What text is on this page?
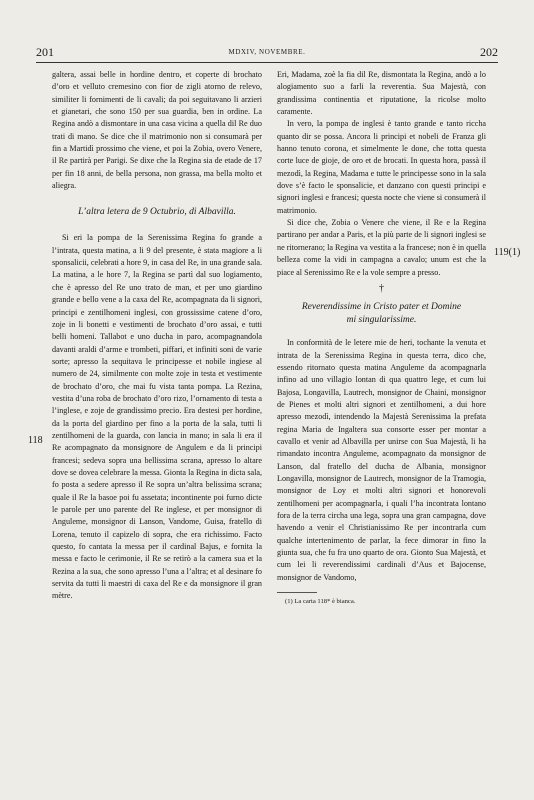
201	MDXIV, NOVEMBRE.	202
118
119(1)

galtera, assai belle in hordine dentro, et coperte di brochato d’oro et velluto cremesino con fior de zigli atorno de relevo, similiter li fornimenti de li cavali; da poi seguitavano li arzieri et gianetari, che sono 150 per sua guardia, ben in ordine. La Regina andò a dismontare in una casa vicina a quella dil Re duo trati di mano. Se dice che il matrimonio non si consumarà per fin a Martidì prossimo che viene, et poi la Zobia, overo Venere, il Re partirà per Parigi. Se dixe che la Regina sia de etade de 17 per fin 18 anni, de bella persona, non grassa, ma bella molto et aliegra.

L’altra letera de 9 Octubrio, di Albavilla.

Si eri la pompa de la Serenissima Regina fo grande a l’intrata, questa matina, a li 9 del presente, è stata magiore a li sponsalicii, celebrati a hore 9, in casa del Re, in una grande sala. La matina, a le hore 7, la Regina se partì dal suo logiamento, che è apresso del Re uno trato de man, et per uno giardino grande e bello vene a la caxa del Re, acompagnata da li signori, principi e zentilhomeni inglesi, con grossissime catene d’oro, zoje in li bonetti e vestimenti de brochato d’oro assai, e tutti belli homeni. Tallabot e uno ducha in paro, acompagnandola davanti araldi d’arme e trombeti, piffari, et infiniti soni de varie sorte; apresso la sequitava le principesse et nobile ingiese al numero de 24, similmente con molte zoje in testa et vestimente de brochato d’oro, che mai fu vista tanta pompa. La Rezina, vestita d’una roba de brochato d’oro rizo, l’ornamento di testa a l’inglese, e zoje de grandissimo precio. Era destesi per hordine, da la porta del giardino per fino a la porta de la sala, tutti li zentilhomeni de la guarda, con lancia in mano; in sala li era il Re acompagnato da monsignore de Angulem e da li principi francesi; sedeva sopra una bellissima scrana, apresso lo altare dove se dovea celebrare la messa. Gionta la Regina in dicta sala, fo posta a sedere apresso il Re sopra un’altra belissima scrana; quale il Re la basoe poi fu assetata; incontinente poi furno dicte le parole per uno parente del Re inglese, et per monsignor di Anguleme, monsignor di Lanson, Vandome, Guisa, fratello di Lorena, tenuto il capizelo di sopra, che era richissimo. Facto questo, fo cantata la messa per il cardinal Bajus, e fornita la messa e facto le cerimonie, il Re se retirò a la camera sua et la Rezina a la sua, che sono apresso l’una a l’altra; et al desinare fo servita da tutti li maestri di caxa del Re e da monsignore il gran mètre.

Eri, Madama, zoè la fia dil Re, dismontata la Regina, andò a lo alogiamento suo a farli la reverentia. Sua Majestà, con grandissima continentia et riputatione, la ricolse molto caramente.

In vero, la pompa de inglesi è tanto grande e tanto riccha quanto dir se possa. Ancora li principi et nobeli de Franza gli hanno tenuto corona, et simelmente le done, che totta questa corte luce de gioje, de oro et de brocati. In questa hora, passà il mezodì, la Regina, Madama e tutte le principesse sono in la sala dove s’è facto le sponsalicie, et danzano con questi principi e signori inglesi e francesi; questa nocte che viene si consumerà il matrimonio.

Si dice che, Zobia o Venere che viene, il Re e la Regina partirano per andar a Paris, et la più parte de li signori inglesi se ne ritornerano; la Regina va vestita a la francese; non è in quella belleza come la vidi in campagna a cavalo; unum est che la piace al Serenissimo Re e la vole sempre a presso.

†
Reverendissime in Cristo pater et Domine
mi singularissime.

In conformità de le letere mie de heri, tochante la venuta et intrata de la Serenissima Regina in questa terra, dico che, essendo ritornato questa matina Anguleme da acompagnarla infino ad uno villagio lontan di qua quattro lege, et cum lui Bajosa, Longavilla, Lautrech, monsignor de Chaini, monsignor de Pienes et molti altri signori et zentilhomeni, a dui hore apresso mezodì, intendendo la Majestà Serenissima la prefata regina Maria de Ingaltera sua consorte esser per montar a cavallo et venir ad Albavilla per unirse con Sua Majestà, li ha rimandato incontra Anguleme, acompagnato da monsignor de Lanson, dal fratello del ducha de Albania, monsignor Longavilla, monsignor de Lautrech, monsignor de la Tramogia, monsignor de Loy et molti altri signori et honorevoli zentilhomeni per acompagnarla, i quali l’ha incontrata lontano fora de la terra circha una lega, sopra una gran campagna, dove havendo a venir el Christianissimo Re per incontrarla cum qualche intertenimento de parlar, la fece dimorar in fino la giunta sua, che fu fra uno quarto de ora. Gionto Sua Majestà, et cum lei li reverendissimi cardinali d’Aus et Bajocense, monsignor de Vandomo,

(1) La carta 118* è bianca.
